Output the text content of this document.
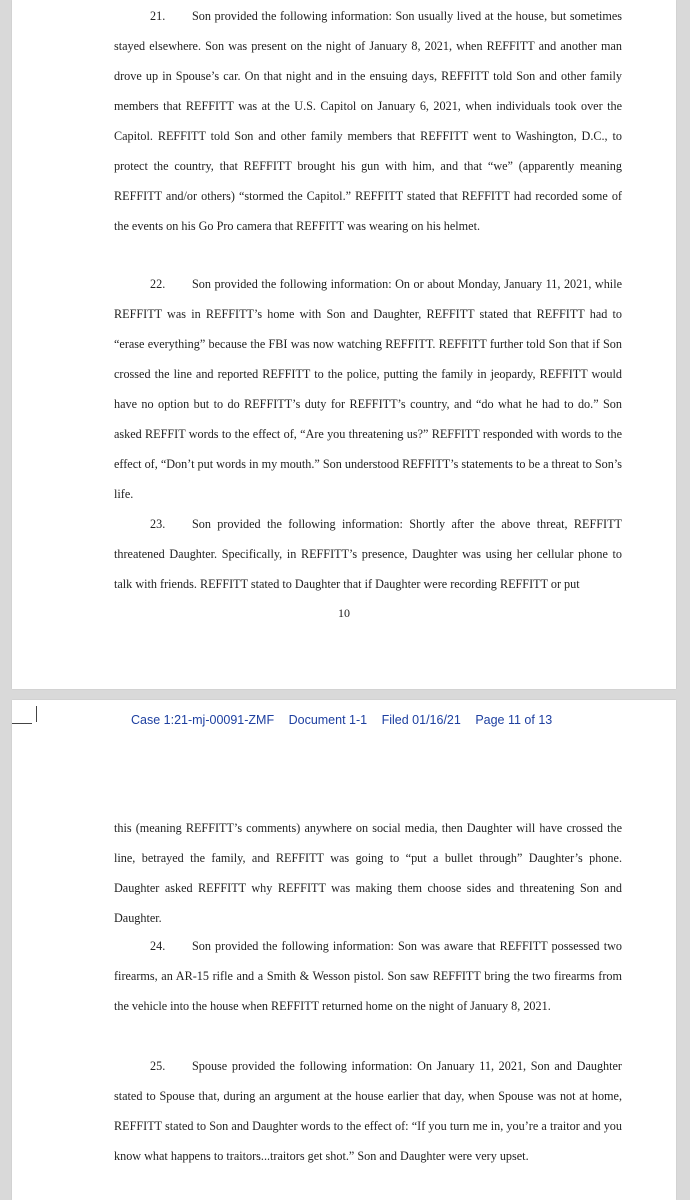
21. Son provided the following information: Son usually lived at the house, but sometimes stayed elsewhere. Son was present on the night of January 8, 2021, when REFFITT and another man drove up in Spouse’s car. On that night and in the ensuing days, REFFITT told Son and other family members that REFFITT was at the U.S. Capitol on January 6, 2021, when individuals took over the Capitol. REFFITT told Son and other family members that REFFITT went to Washington, D.C., to protect the country, that REFFITT brought his gun with him, and that “we” (apparently meaning REFFITT and/or others) “stormed the Capitol.” REFFITT stated that REFFITT had recorded some of the events on his Go Pro camera that REFFITT was wearing on his helmet.

22. Son provided the following information: On or about Monday, January 11, 2021, while REFFITT was in REFFITT’s home with Son and Daughter, REFFITT stated that REFFITT had to “erase everything” because the FBI was now watching REFFITT. REFFITT further told Son that if Son crossed the line and reported REFFITT to the police, putting the family in jeopardy, REFFITT would have no option but to do REFFITT’s duty for REFFITT’s country, and “do what he had to do.” Son asked REFFIT words to the effect of, “Are you threatening us?” REFFITT responded with words to the effect of, “Don’t put words in my mouth.” Son understood REFFITT’s statements to be a threat to Son’s life.

23. Son provided the following information: Shortly after the above threat, REFFITT threatened Daughter. Specifically, in REFFITT’s presence, Daughter was using her cellular phone to talk with friends. REFFITT stated to Daughter that if Daughter were recording REFFITT or put

10
Case 1:21-mj-00091-ZMF Document 1-1 Filed 01/16/21 Page 11 of 13

this (meaning REFFITT’s comments) anywhere on social media, then Daughter will have crossed the line, betrayed the family, and REFFITT was going to “put a bullet through” Daughter’s phone. Daughter asked REFFITT why REFFITT was making them choose sides and threatening Son and Daughter.

24. Son provided the following information: Son was aware that REFFITT possessed two firearms, an AR-15 rifle and a Smith & Wesson pistol. Son saw REFFITT bring the two firearms from the vehicle into the house when REFFITT returned home on the night of January 8, 2021.

25. Spouse provided the following information: On January 11, 2021, Son and Daughter stated to Spouse that, during an argument at the house earlier that day, when Spouse was not at home, REFFITT stated to Son and Daughter words to the effect of: “If you turn me in, you’re a traitor and you know what happens to traitors...traitors get shot.” Son and Daughter were very upset.
